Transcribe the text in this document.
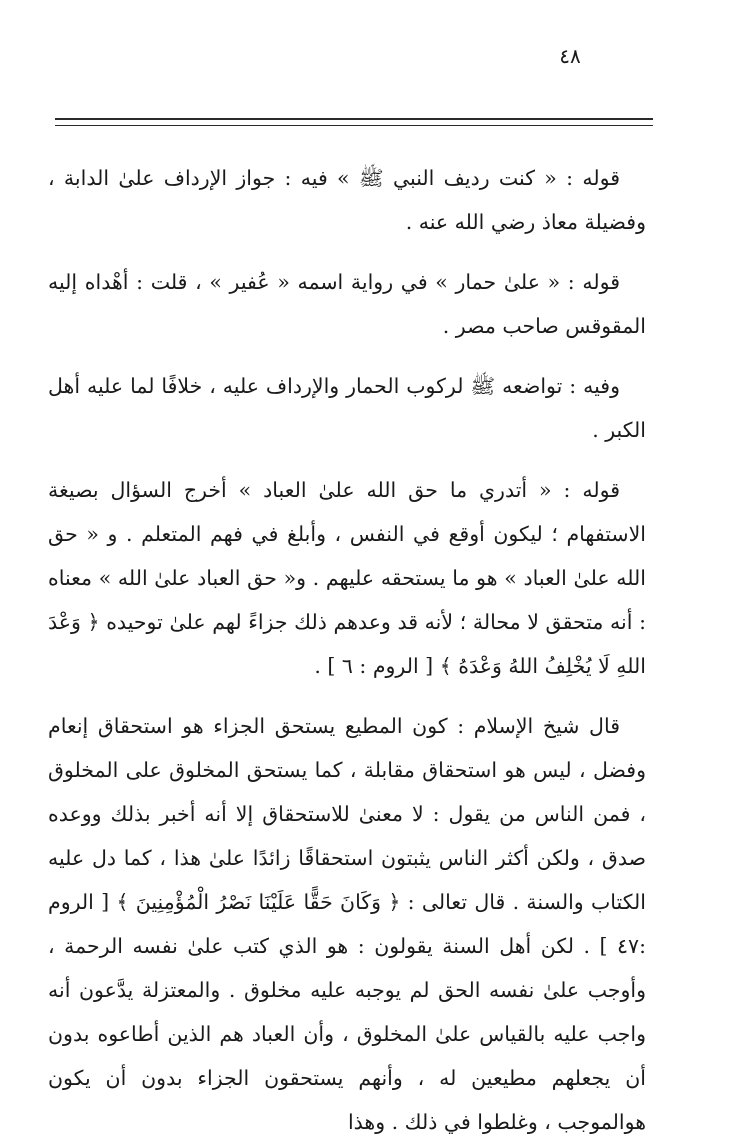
٤٨

قوله : « كنت رديف النبي ﷺ » فيه : جواز الإرداف علىٰ الدابة ، وفضيلة معاذ رضي الله عنه .

قوله : « علىٰ حمار » في رواية اسمه « عُفير » ، قلت : أهْداه إليه المقوقس صاحب مصر .

وفيه : تواضعه ﷺ لركوب الحمار والإرداف عليه ، خلافًا لما عليه أهل الكبر .

قوله : « أتدري ما حق الله علىٰ العباد » أخرج السؤال بصيغة الاستفهام ؛ ليكون أوقع في النفس ، وأبلغ في فهم المتعلم . و « حق الله علىٰ العباد » هو ما يستحقه عليهم . و« حق العباد علىٰ الله » معناه : أنه متحقق لا محالة ؛ لأنه قد وعدهم ذلك جزاءً لهم علىٰ توحيده ﴿ وَعْدَ اللهِ لَا يُخْلِفُ اللهُ وَعْدَهُ ﴾ [ الروم : ٦ ] .

قال شيخ الإسلام : كون المطيع يستحق الجزاء هو استحقاق إنعام وفضل ، ليس هو استحقاق مقابلة ، كما يستحق المخلوق على المخلوق ، فمن الناس من يقول : لا معنىٰ للاستحقاق إلا أنه أخبر بذلك ووعده صدق ، ولكن أكثر الناس يثبتون استحقاقًا زائدًا علىٰ هذا ، كما دل عليه الكتاب والسنة . قال تعالى : ﴿ وَكَانَ حَقًّا عَلَيْنَا نَصْرُ الْمُؤْمِنِينَ ﴾ [ الروم :٤٧ ] . لكن أهل السنة يقولون : هو الذي كتب علىٰ نفسه الرحمة ، وأوجب علىٰ نفسه الحق لم يوجبه عليه مخلوق . والمعتزلة يدَّعون أنه واجب عليه بالقياس علىٰ المخلوق ، وأن العباد هم الذين أطاعوه بدون أن يجعلهم مطيعين له ، وأنهم يستحقون الجزاء بدون أن يكون هوالموجب ، وغلطوا في ذلك . وهذا
